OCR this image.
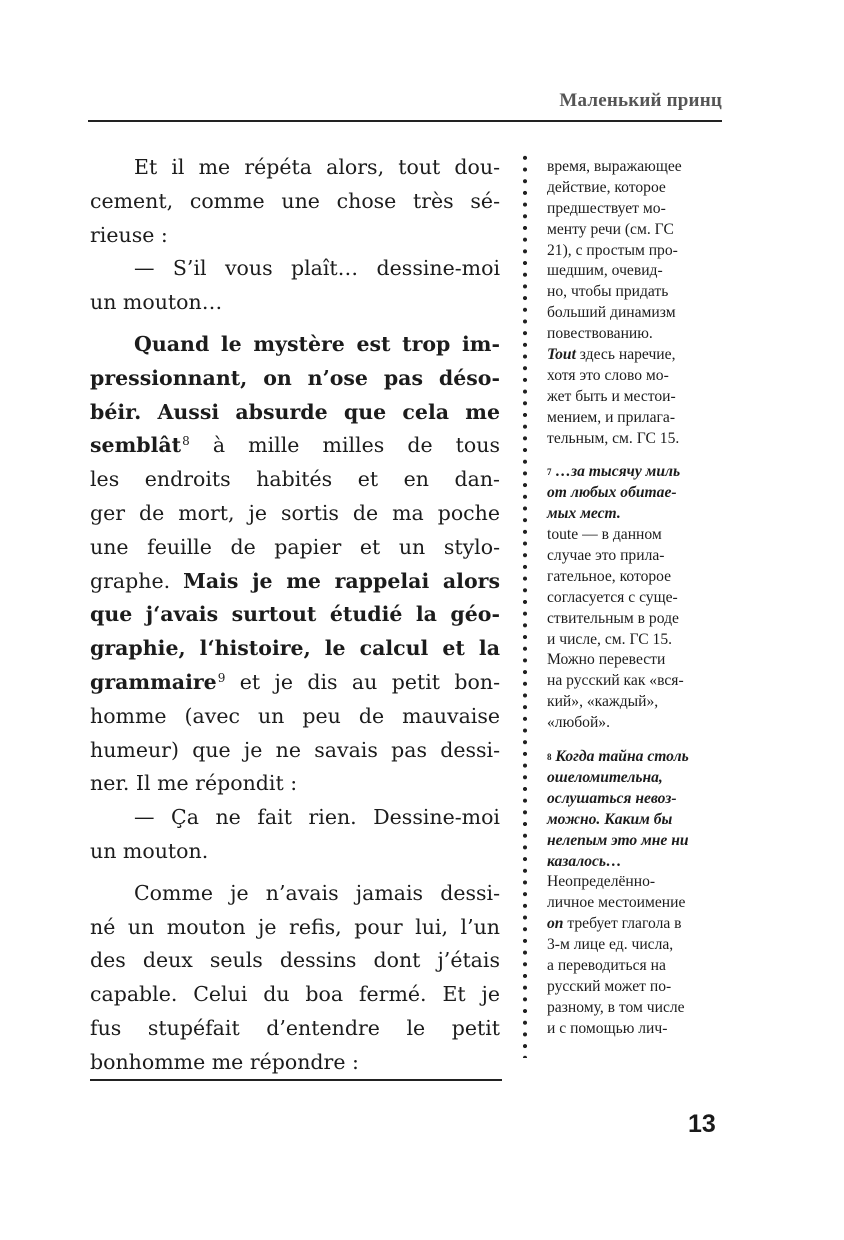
Маленький принц
Et il me répéta alors, tout dou-
cement, comme une chose très sé-
rieuse :
— S’il vous plaît… dessine-moi
un mouton…
Quand le mystère est trop im-
pressionnant, on n’ose pas déso-
béir. Aussi absurde que cela me
semblât$^8$ à mille milles de tous
les endroits habités et en dan-
ger de mort, je sortis de ma poche
une feuille de papier et un stylo-
graphe. Mais je me rappelai alors
que j‘avais surtout étudié la géo-
graphie, l‘histoire, le calcul et la
grammaire$^9$ et je dis au petit bon-
homme (avec un peu de mauvaise
humeur) que je ne savais pas dessi-
ner. Il me répondit :
— Ça ne fait rien. Dessine-moi
un mouton.
Comme je n’avais jamais dessi-
né un mouton je refis, pour lui, l’un
des deux seuls dessins dont j’étais
capable. Celui du boa fermé. Et je
fus stupéfait d’entendre le petit
bonhomme me répondre :
время, выражающее
действие, которое
предшествует мо-
менту речи (см. ГС
21), с простым про-
шедшим, очевид-
но, чтобы придать
больший динамизм
повествованию.
Tout здесь наречие,
хотя это слово мо-
жет быть и местои-
мением, и прилага-
тельным, см. ГС 15.
$^7$ …за тысячу миль
от любых обитае-
мых мест.
toute — в данном
случае это прила-
гательное, которое
согласуется с суще-
ствительным в роде
и числе, см. ГС 15.
Можно перевести
на русский как «вся-
кий», «каждый»,
«любой».
$^8$ Когда тайна столь
ошеломительна,
ослушаться невоз-
можно. Каким бы
нелепым это мне ни
казалось…
Неопределённо-
личное местоимение
on требует глагола в
3-м лице ед. числа,
а переводиться на
русский может по-
разному, в том числе
и с помощью лич-
13
